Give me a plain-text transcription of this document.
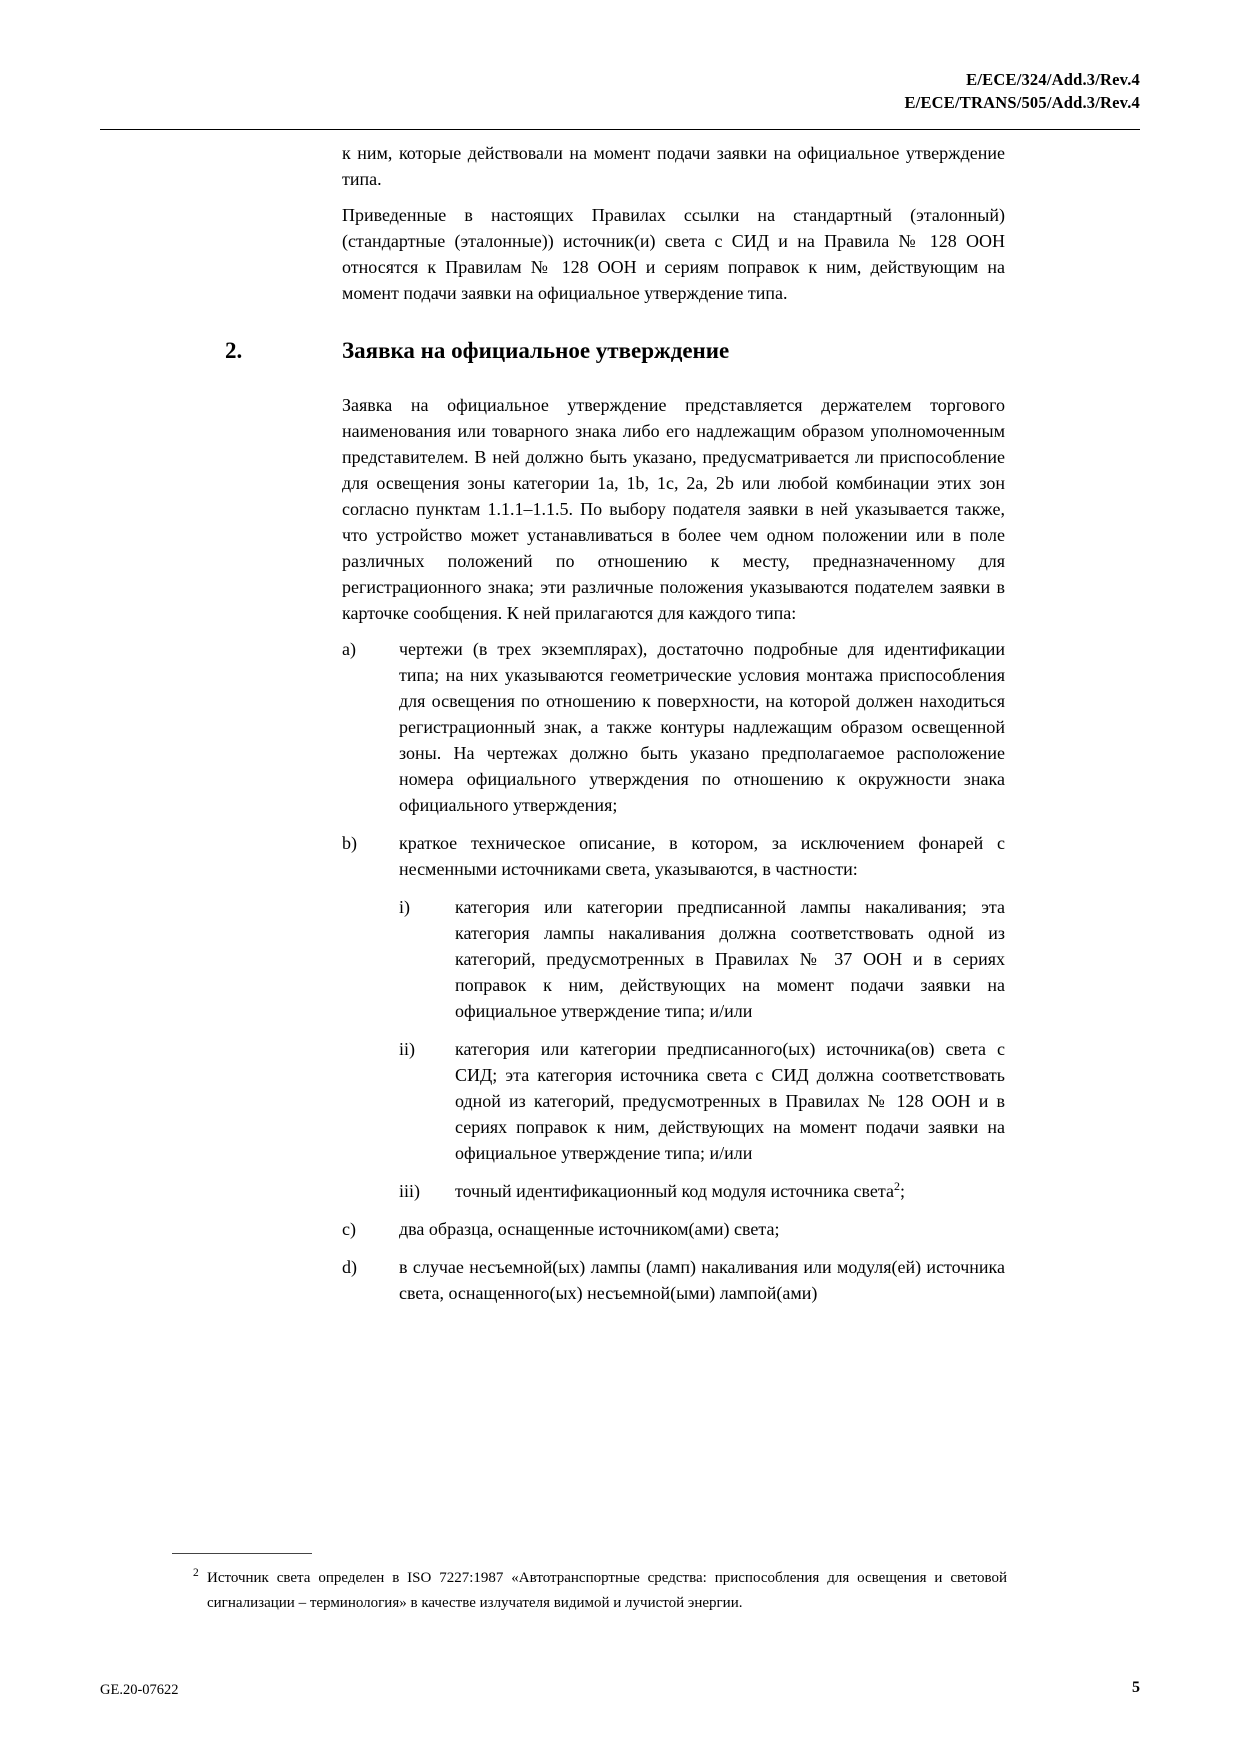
E/ECE/324/Add.3/Rev.4
E/ECE/TRANS/505/Add.3/Rev.4

к ним, которые действовали на момент подачи заявки на официальное утверждение типа.

Приведенные в настоящих Правилах ссылки на стандартный (эталонный) (стандартные (эталонные)) источник(и) света с СИД и на Правила № 128 ООН относятся к Правилам № 128 ООН и сериям поправок к ним, действующим на момент подачи заявки на официальное утверждение типа.

2.	Заявка на официальное утверждение

Заявка на официальное утверждение представляется держателем торгового наименования или товарного знака либо его надлежащим образом уполномоченным представителем. В ней должно быть указано, предусматривается ли приспособление для освещения зоны категории 1a, 1b, 1c, 2a, 2b или любой комбинации этих зон согласно пунктам 1.1.1–1.1.5. По выбору подателя заявки в ней указывается также, что устройство может устанавливаться в более чем одном положении или в поле различных положений по отношению к месту, предназначенному для регистрационного знака; эти различные положения указываются подателем заявки в карточке сообщения. К ней прилагаются для каждого типа:

a) чертежи (в трех экземплярах), достаточно подробные для идентификации типа; на них указываются геометрические условия монтажа приспособления для освещения по отношению к поверхности, на которой должен находиться регистрационный знак, а также контуры надлежащим образом освещенной зоны. На чертежах должно быть указано предполагаемое расположение номера официального утверждения по отношению к окружности знака официального утверждения;
b) краткое техническое описание, в котором, за исключением фонарей с несменными источниками света, указываются, в частности:
i)	категория или категории предписанной лампы накаливания; эта категория лампы накаливания должна соответствовать одной из категорий, предусмотренных в Правилах № 37 ООН и в сериях поправок к ним, действующих на момент подачи заявки на официальное утверждение типа; и/или
ii) категория или категории предписанного(ых) источника(ов) света с СИД; эта категория источника света с СИД должна соответствовать одной из категорий, предусмотренных в Правилах № 128 ООН и в сериях поправок к ним, действующих на момент подачи заявки на официальное утверждение типа; и/или
iii) точный идентификационный код модуля источника света$^2$;
c) два образца, оснащенные источником(ами) света;
d) в случае несъемной(ых) лампы (ламп) накаливания или модуля(ей) источника света, оснащенного(ых) несъемной(ыми) лампой(ами)
$^2$ Источник света определен в ISO 7227:1987 «Автотранспортные средства: приспособления для освещения и световой сигнализации – терминология» в качестве излучателя видимой и лучистой энергии.
GE.20-07622	5
